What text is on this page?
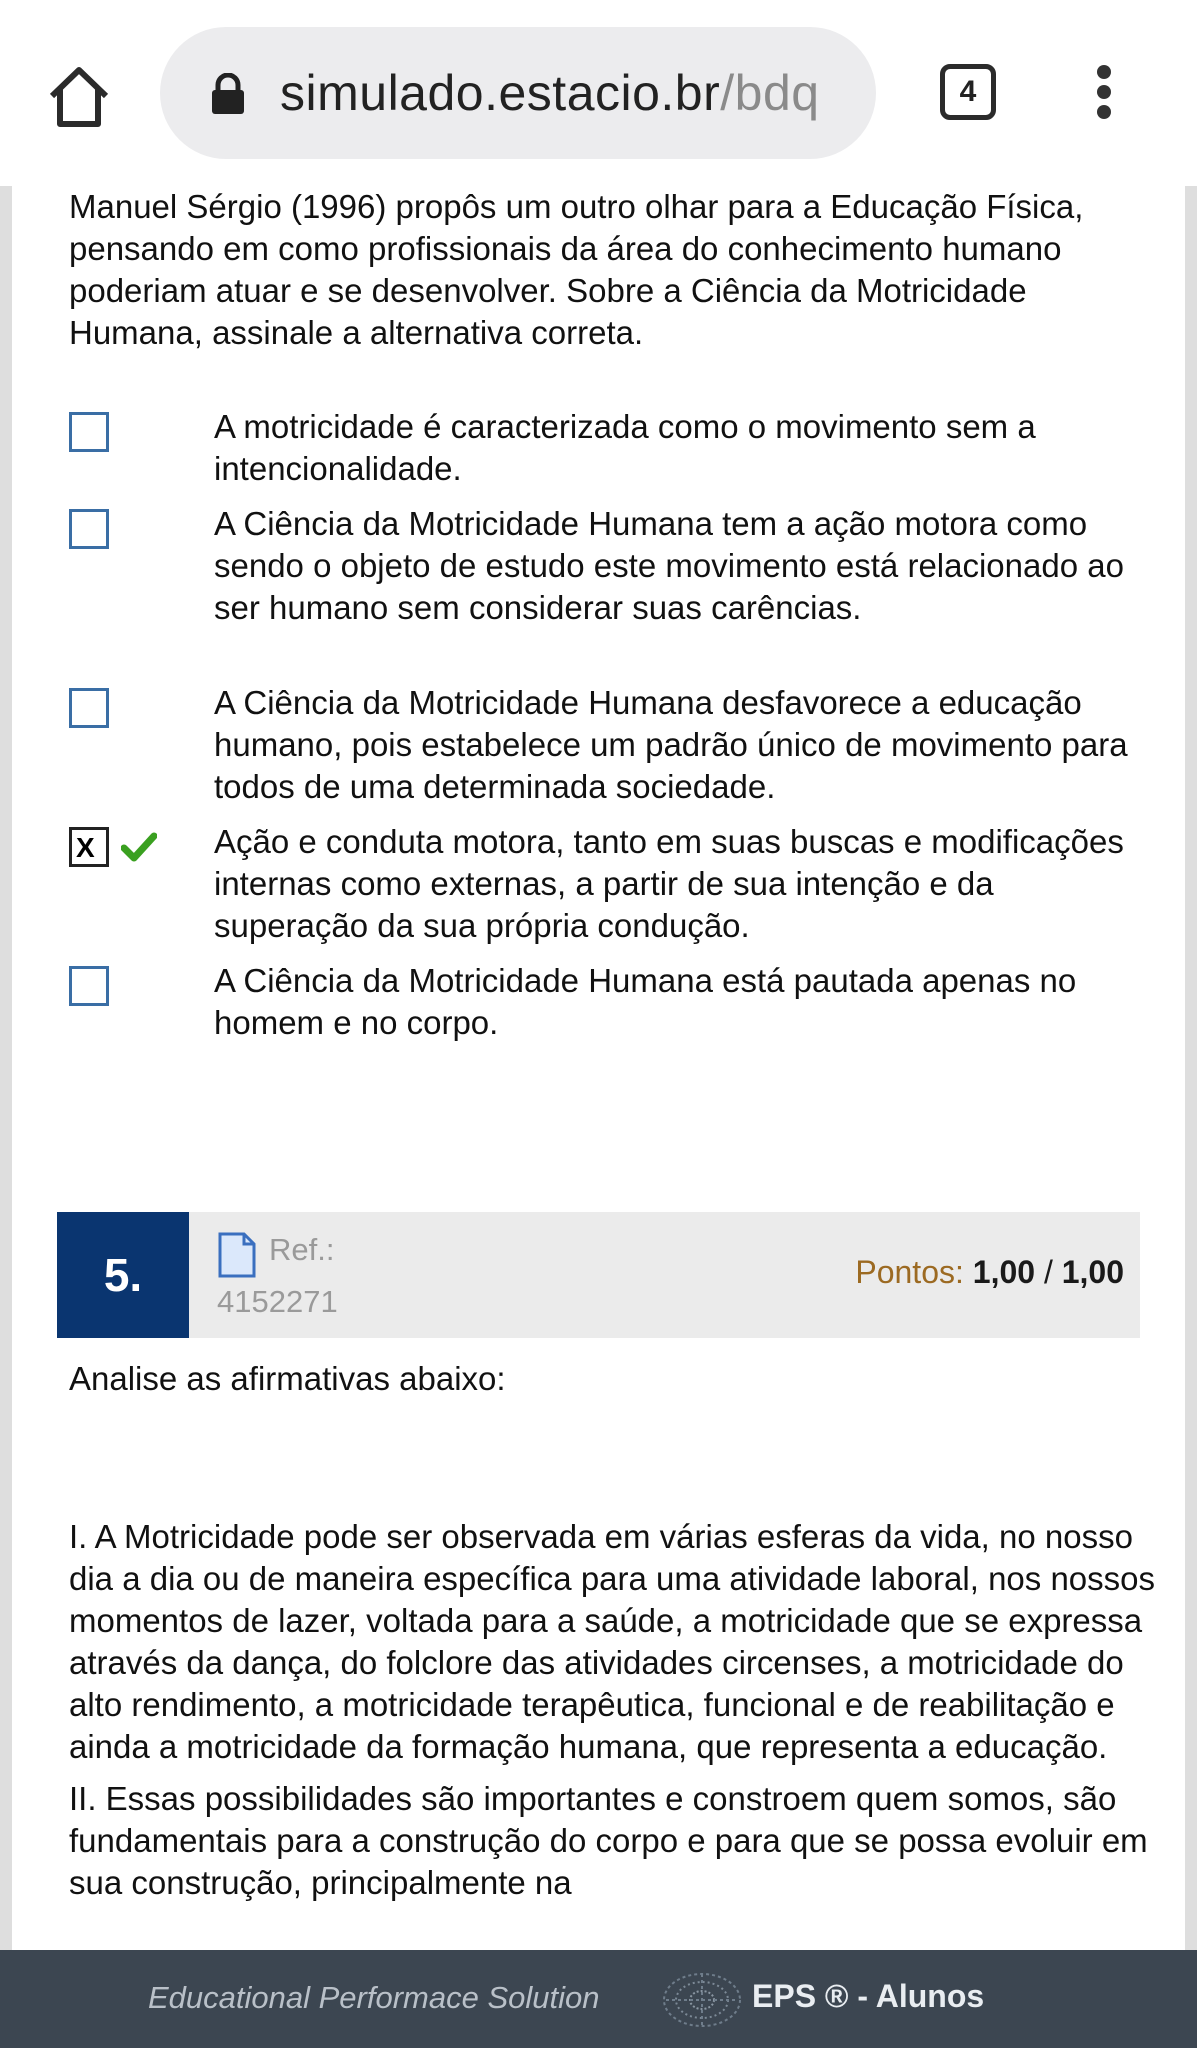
simulado.estacio.br/bdq	4
Manuel Sérgio (1996) propôs um outro olhar para a Educação Física, pensando em como profissionais da área do conhecimento humano poderiam atuar e se desenvolver. Sobre a Ciência da Motricidade Humana, assinale a alternativa correta.
A motricidade é caracterizada como o movimento sem a intencionalidade.
A Ciência da Motricidade Humana tem a ação motora como sendo o objeto de estudo este movimento está relacionado ao ser humano sem considerar suas carências.
A Ciência da Motricidade Humana desfavorece a educação humano, pois estabelece um padrão único de movimento para todos de uma determinada sociedade.
X	Ação e conduta motora, tanto em suas buscas e modificações internas como externas, a partir de sua intenção e da superação da sua própria condução.
A Ciência da Motricidade Humana está pautada apenas no homem e no corpo.
5.	Ref.:
4152271
Pontos: 1,00 / 1,00
Analise as afirmativas abaixo:
I. A Motricidade pode ser observada em várias esferas da vida, no nosso dia a dia ou de maneira específica para uma atividade laboral, nos nossos momentos de lazer, voltada para a saúde, a motricidade que se expressa através da dança, do folclore das atividades circenses, a motricidade do alto rendimento, a motricidade terapêutica, funcional e de reabilitação e ainda a motricidade da formação humana, que representa a educação.
II. Essas possibilidades são importantes e constroem quem somos, são fundamentais para a construção do corpo e para que se possa evoluir em sua construção, principalmente na
Educational Performace Solution	EPS ® - Alunos
